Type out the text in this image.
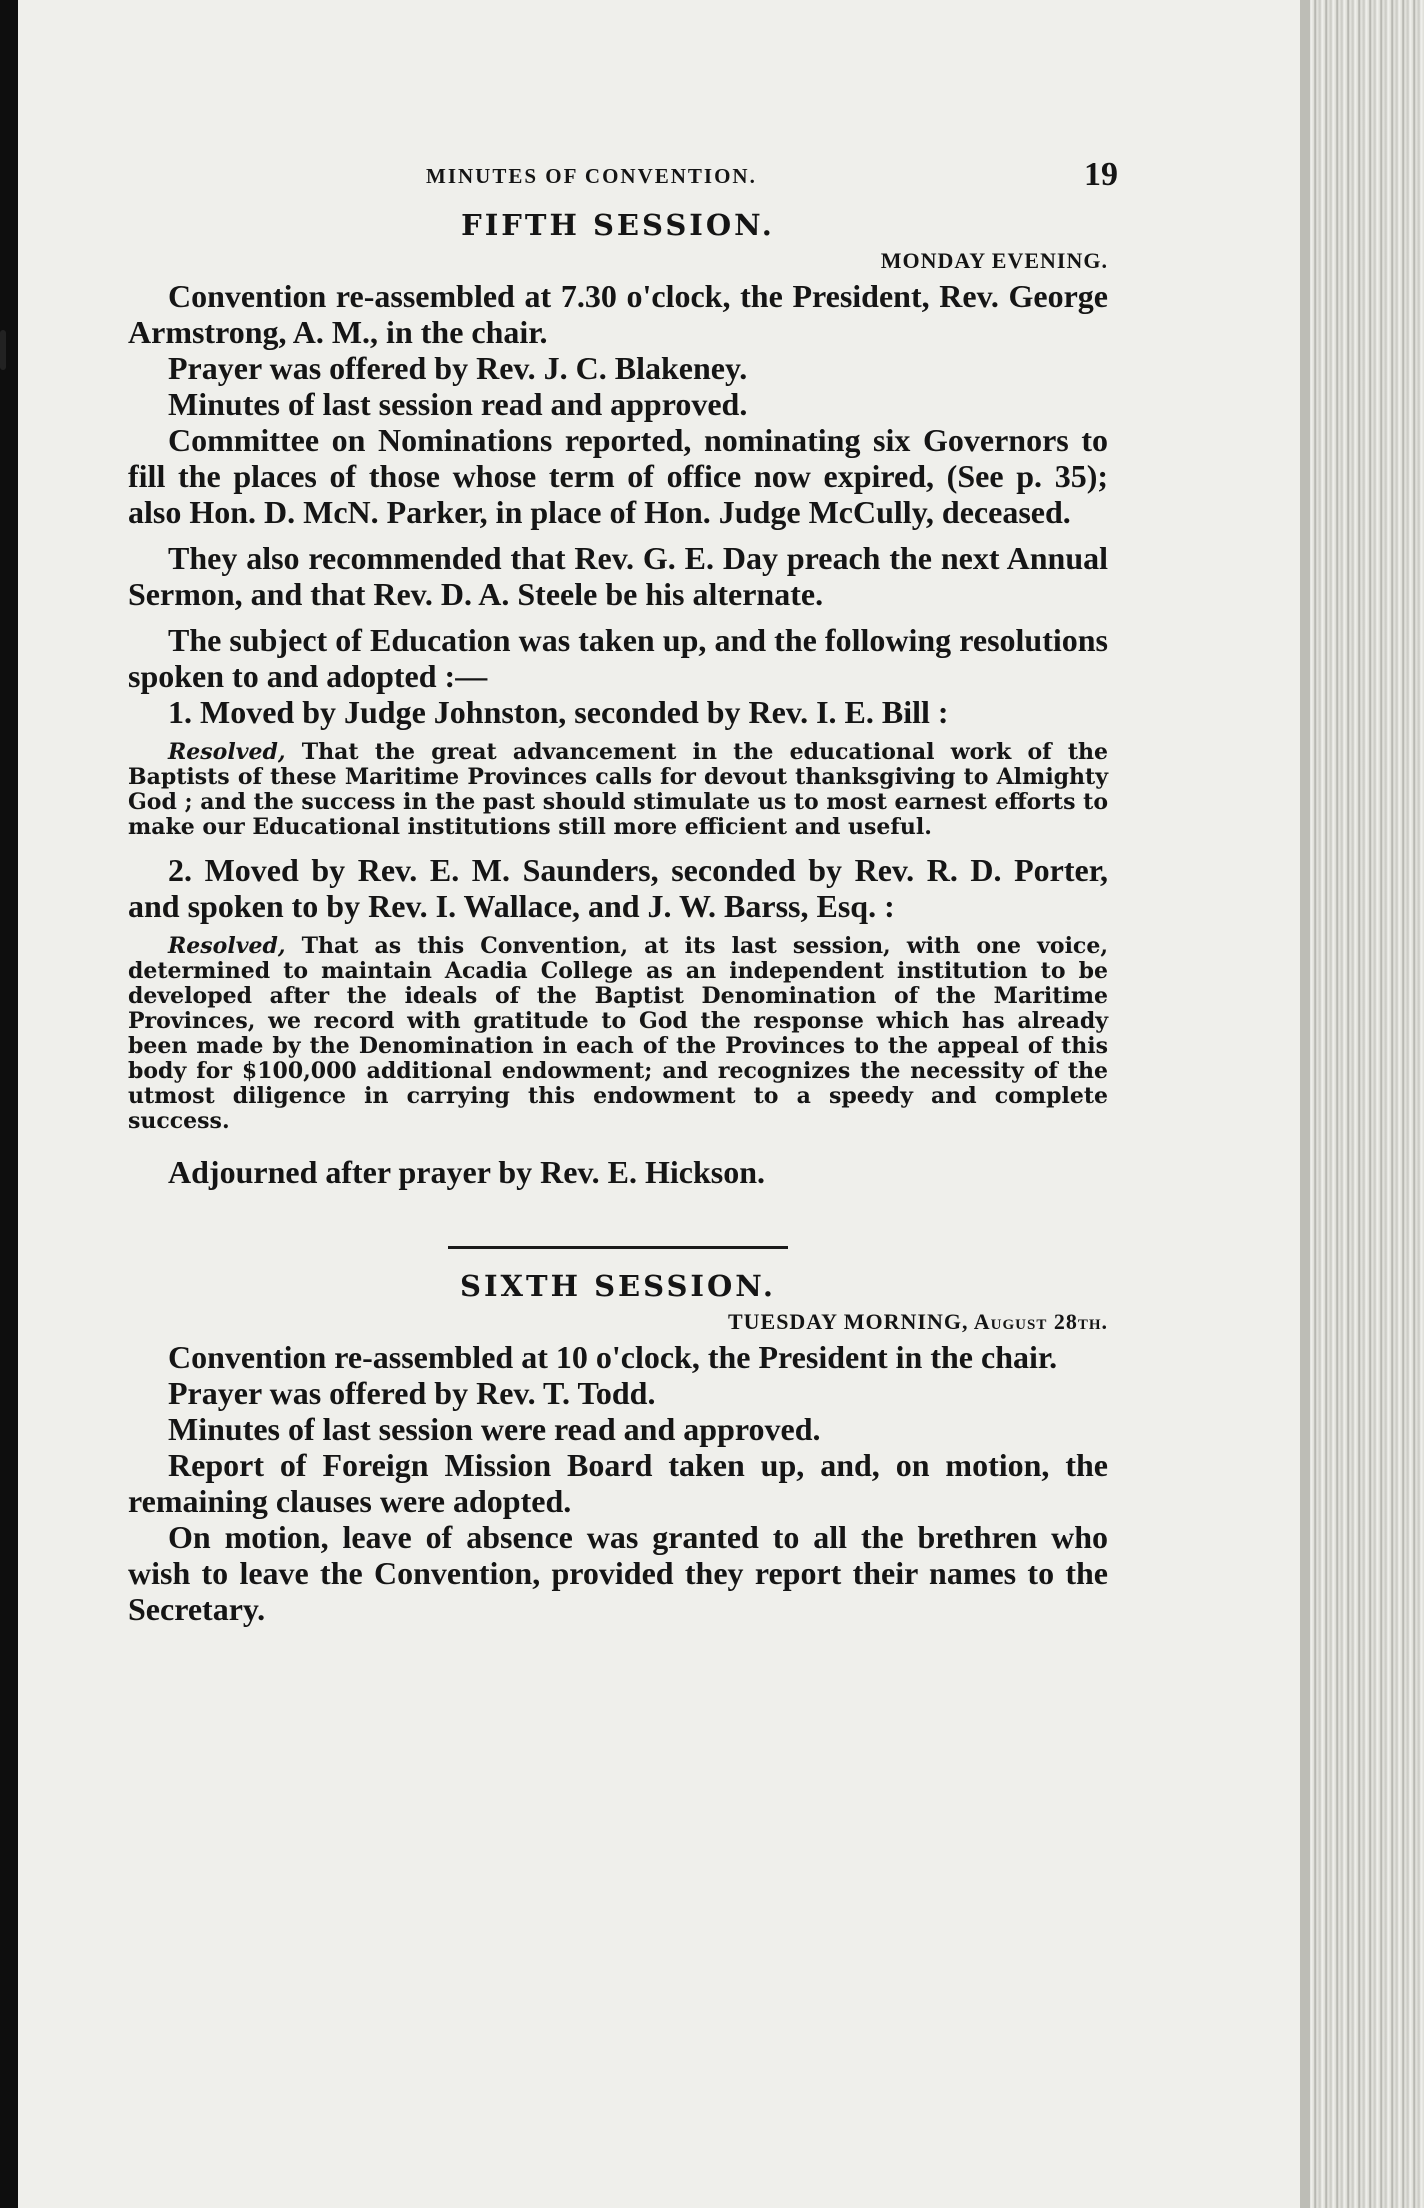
MINUTES OF CONVENTION.	19
FIFTH SESSION.
MONDAY EVENING.

Convention re-assembled at 7.30 o'clock, the President, Rev. George Armstrong, A. M., in the chair.

Prayer was offered by Rev. J. C. Blakeney.

Minutes of last session read and approved.

Committee on Nominations reported, nominating six Governors to fill the places of those whose term of office now expired, (See p. 35); also Hon. D. McN. Parker, in place of Hon. Judge McCully, deceased.

They also recommended that Rev. G. E. Day preach the next Annual Sermon, and that Rev. D. A. Steele be his alternate.

The subject of Education was taken up, and the following resolutions spoken to and adopted :—

1. Moved by Judge Johnston, seconded by Rev. I. E. Bill :

Resolved, That the great advancement in the educational work of the Baptists of these Maritime Provinces calls for devout thanksgiving to Almighty God ; and the success in the past should stimulate us to most earnest efforts to make our Educational institutions still more efficient and useful.

2. Moved by Rev. E. M. Saunders, seconded by Rev. R. D. Porter, and spoken to by Rev. I. Wallace, and J. W. Barss, Esq. :

Resolved, That as this Convention, at its last session, with one voice, determined to maintain Acadia College as an independent institution to be developed after the ideals of the Baptist Denomination of the Maritime Provinces, we record with gratitude to God the response which has already been made by the Denomination in each of the Provinces to the appeal of this body for $100,000 additional endowment; and recognizes the necessity of the utmost diligence in carrying this endowment to a speedy and complete success.

Adjourned after prayer by Rev. E. Hickson.

SIXTH SESSION.
TUESDAY MORNING, August 28th.

Convention re-assembled at 10 o'clock, the President in the chair.

Prayer was offered by Rev. T. Todd.

Minutes of last session were read and approved.

Report of Foreign Mission Board taken up, and, on motion, the remaining clauses were adopted.

On motion, leave of absence was granted to all the brethren who wish to leave the Convention, provided they report their names to the Secretary.
